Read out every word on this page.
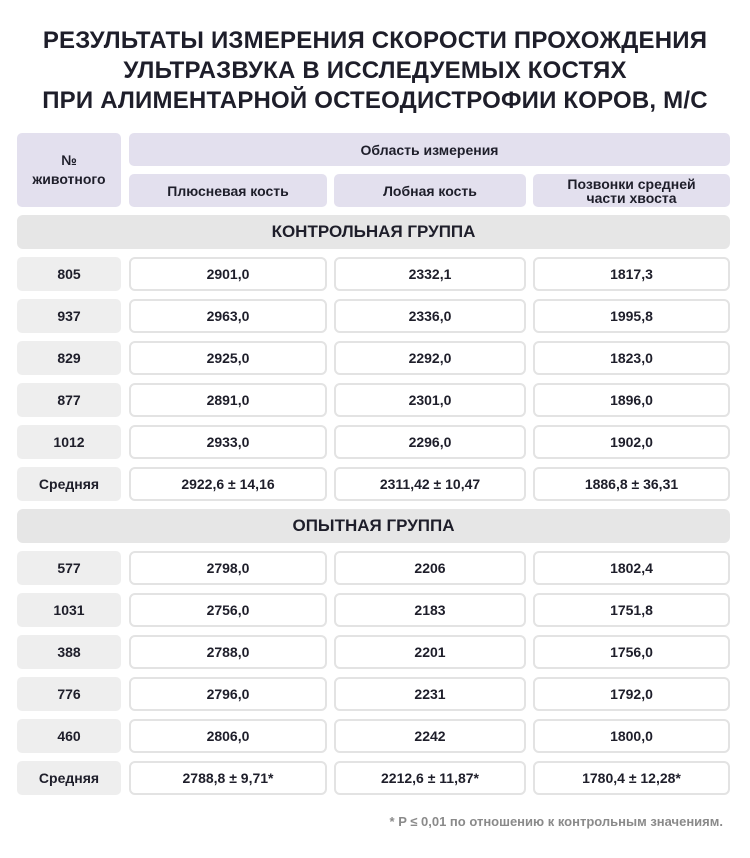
РЕЗУЛЬТАТЫ ИЗМЕРЕНИЯ СКОРОСТИ ПРОХОЖДЕНИЯ
УЛЬТРАЗВУКА В ИССЛЕДУЕМЫХ КОСТЯХ
ПРИ АЛИМЕНТАРНОЙ ОСТЕОДИСТРОФИИ КОРОВ, М/С
№
животного
Область измерения
Плюсневая кость	Лобная кость	Позвонки средней
части хвоста
КОНТРОЛЬНАЯ ГРУППА
805	2901,0	2332,1	1817,3
937	2963,0	2336,0	1995,8
829	2925,0	2292,0	1823,0
877	2891,0	2301,0	1896,0
1012	2933,0	2296,0	1902,0
Средняя	2922,6 ± 14,16	2311,42 ± 10,47	1886,8 ± 36,31
ОПЫТНАЯ ГРУППА
577	2798,0	2206	1802,4
1031	2756,0	2183	1751,8
388	2788,0	2201	1756,0
776	2796,0	2231	1792,0
460	2806,0	2242	1800,0
Средняя	2788,8 ± 9,71*	2212,6 ± 11,87*	1780,4 ± 12,28*
* P ≤ 0,01 по отношению к контрольным значениям.
